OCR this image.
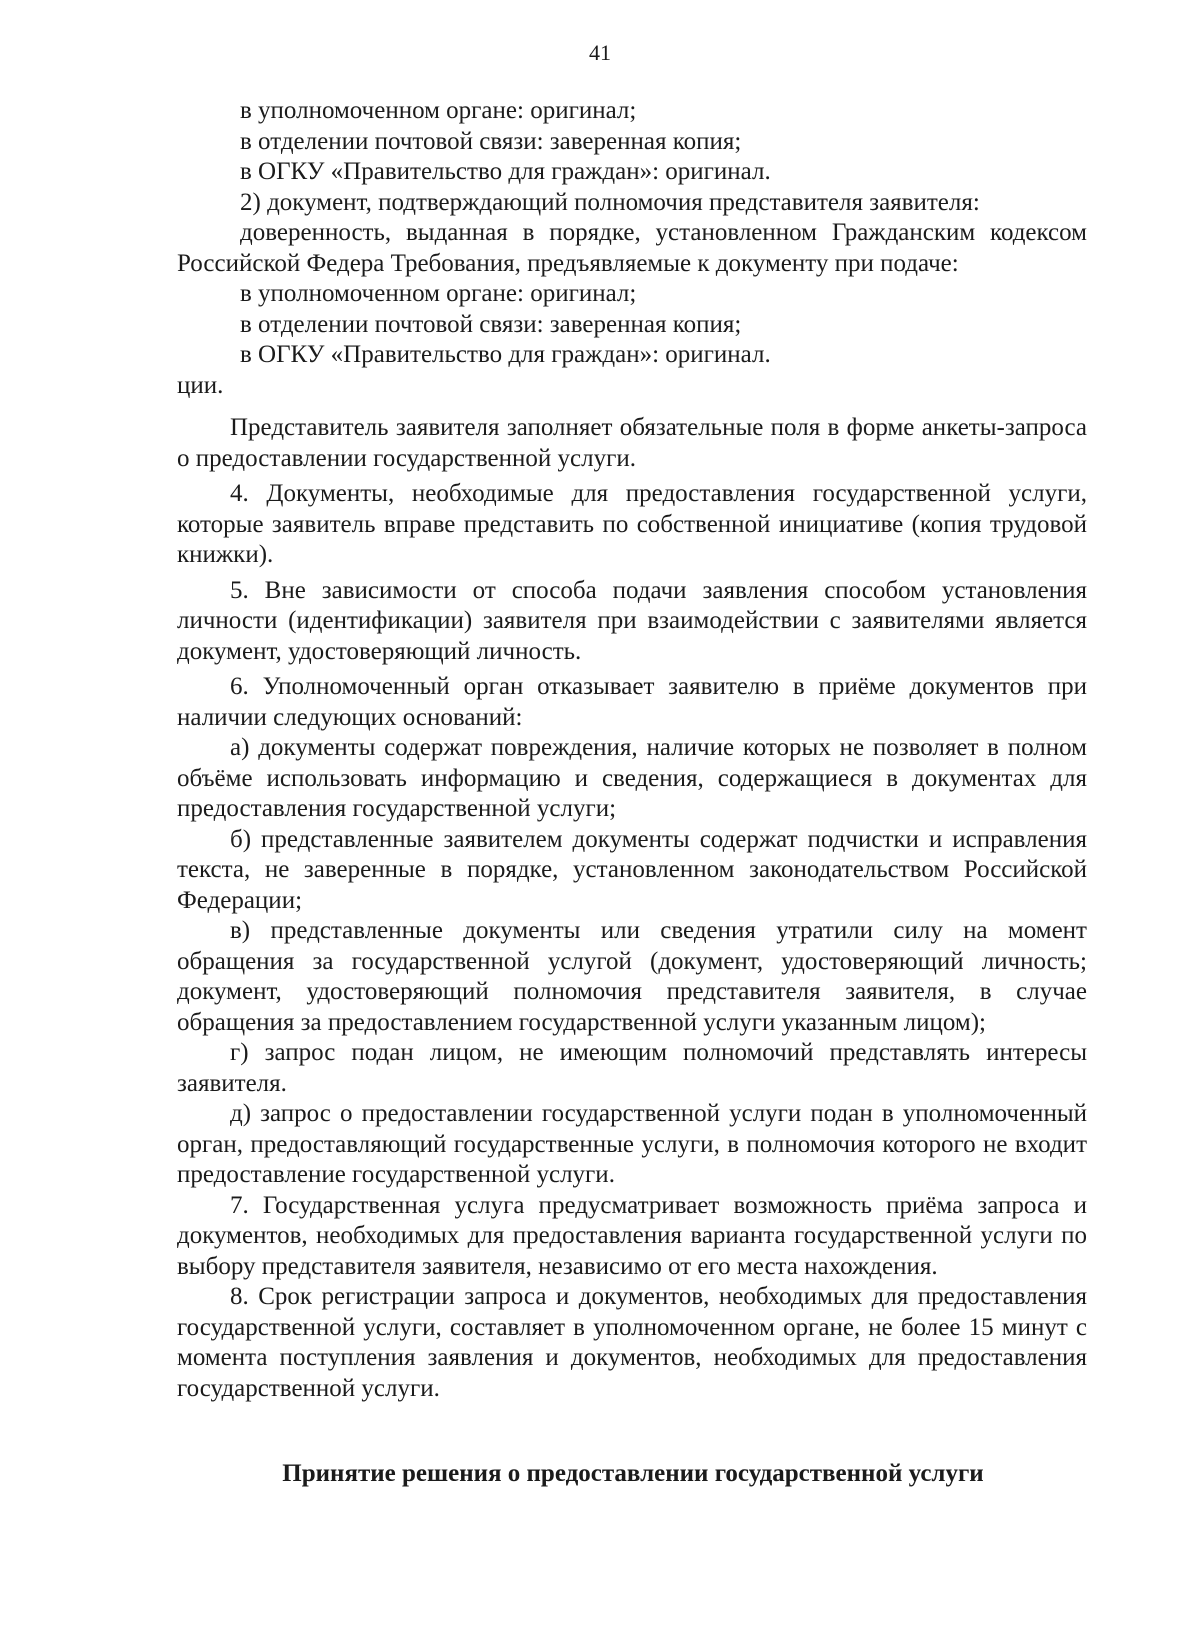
41

в уполномоченном органе: оригинал;

в отделении почтовой связи: заверенная копия;

в ОГКУ «Правительство для граждан»: оригинал.

2) документ, подтверждающий полномочия представителя заявителя:

доверенность, выданная в порядке, установленном Гражданским кодексом Российской Федера Требования, предъявляемые к документу при подаче:

в уполномоченном органе: оригинал;

в отделении почтовой связи: заверенная копия;

в ОГКУ «Правительство для граждан»: оригинал.

ции.

Представитель заявителя заполняет обязательные поля в форме анкеты-запроса о предоставлении государственной услуги.

4. Документы, необходимые для предоставления государственной услуги, которые заявитель вправе представить по собственной инициативе (копия трудовой книжки).

5. Вне зависимости от способа подачи заявления способом установления личности (идентификации) заявителя при взаимодействии с заявителями является документ, удостоверяющий личность.

6. Уполномоченный орган отказывает заявителю в приёме документов при наличии следующих оснований:

а) документы содержат повреждения, наличие которых не позволяет в полном объёме использовать информацию и сведения, содержащиеся в документах для предоставления государственной услуги;

б) представленные заявителем документы содержат подчистки и исправления текста, не заверенные в порядке, установленном законодательством Российской Федерации;

в) представленные документы или сведения утратили силу на момент обращения за государственной услугой (документ, удостоверяющий личность; документ, удостоверяющий полномочия представителя заявителя, в случае обращения за предоставлением государственной услуги указанным лицом);

г) запрос подан лицом, не имеющим полномочий представлять интересы заявителя.

д) запрос о предоставлении государственной услуги подан в уполномоченный орган, предоставляющий государственные услуги, в полномочия которого не входит предоставление государственной услуги.

7. Государственная услуга предусматривает возможность приёма запроса и документов, необходимых для предоставления варианта государственной услуги по выбору представителя заявителя, независимо от его места нахождения.

8. Срок регистрации запроса и документов, необходимых для предоставления государственной услуги, составляет в уполномоченном органе, не более 15 минут с момента поступления заявления и документов, необходимых для предоставления государственной услуги.

Принятие решения о предоставлении государственной услуги
